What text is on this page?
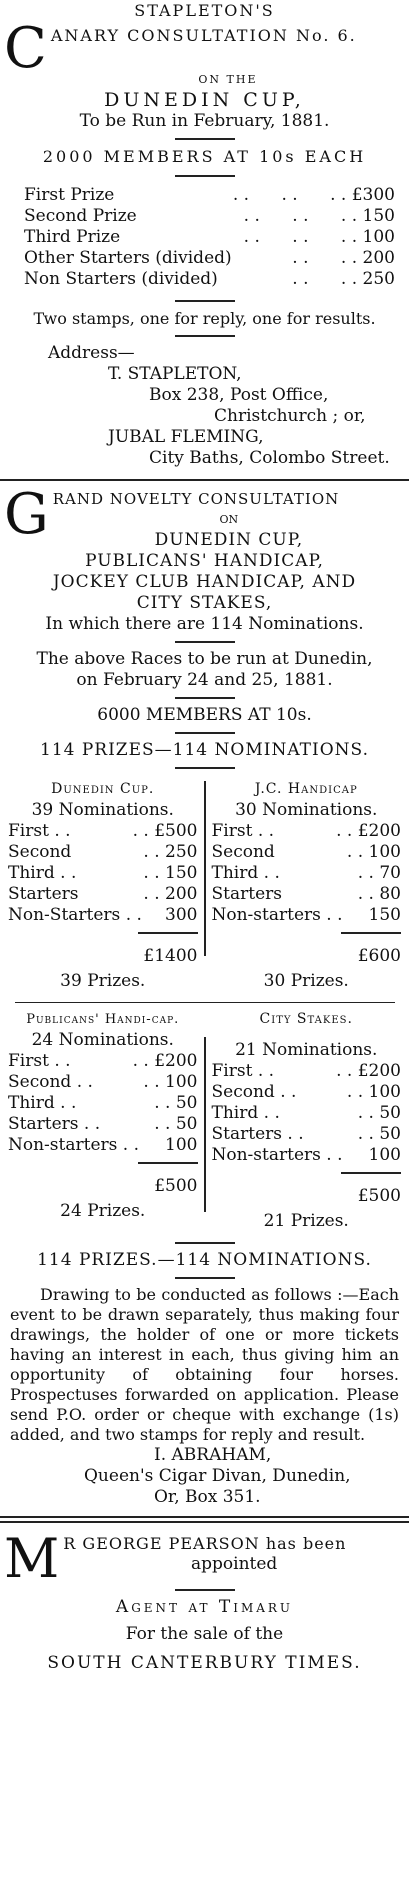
STAPLETON'S
C ANARY CONSULTATION No. 6.
ON THE
DUNEDIN CUP,
To be Run in February, 1881.
2000 MEMBERS AT 10s EACH
First Prize	. .      . .      . . £300
Second Prize	. .      . .      . . 150
Third Prize	. .      . .      . . 100
Other Starters (divided)	. .      . . 200
Non Starters (divided)	. .      . . 250
Two stamps, one for reply, one for results.
Address—
T. STAPLETON,
Box 238, Post Office,
Christchurch ; or,
JUBAL FLEMING,
City Baths, Colombo Street.
G RAND NOVELTY CONSULTATION
ON
DUNEDIN CUP,
PUBLICANS' HANDICAP,
JOCKEY CLUB HANDICAP, AND
CITY STAKES,
In which there are 114 Nominations.
The above Races to be run at Dunedin,
on February 24 and 25, 1881.
6000 MEMBERS AT 10s.
114 PRIZES—114 NOMINATIONS.
Dunedin Cup.
39 Nominations.
First . .	. . £500
Second	. . 250
Third . .	. . 150
Starters	. . 200
Non-Starters . . 300
£1400
39 Prizes.
J.C. Handicap
30 Nominations.
First . .	. . £200
Second	. . 100
Third . .	. . 70
Starters	. . 80
Non-starters . . 150
£600
30 Prizes.
Publicans' Handi-cap.
24 Nominations.
First . .	. . £200
Second . .	. . 100
Third . .	. . 50
Starters . .	. . 50
Non-starters . . 100
£500
24 Prizes.
City Stakes.
21 Nominations.
First . .	. . £200
Second . .	. . 100
Third . .	. . 50
Starters . .	. . 50
Non-starters . . 100
£500
21 Prizes.
114 PRIZES.—114 NOMINATIONS.
Drawing to be conducted as follows :—Each event to be drawn separately, thus making four drawings, the holder of one or more tickets having an interest in each, thus giving him an opportunity of obtaining four horses. Prospectuses forwarded on application. Please send P.O. order or cheque with exchange (1s) added, and two stamps for reply and result.
I. ABRAHAM,
Queen's Cigar Divan, Dunedin,
Or, Box 351.
M R GEORGE PEARSON has been
appointed
Agent at Timaru
For the sale of the
SOUTH CANTERBURY TIMES.
